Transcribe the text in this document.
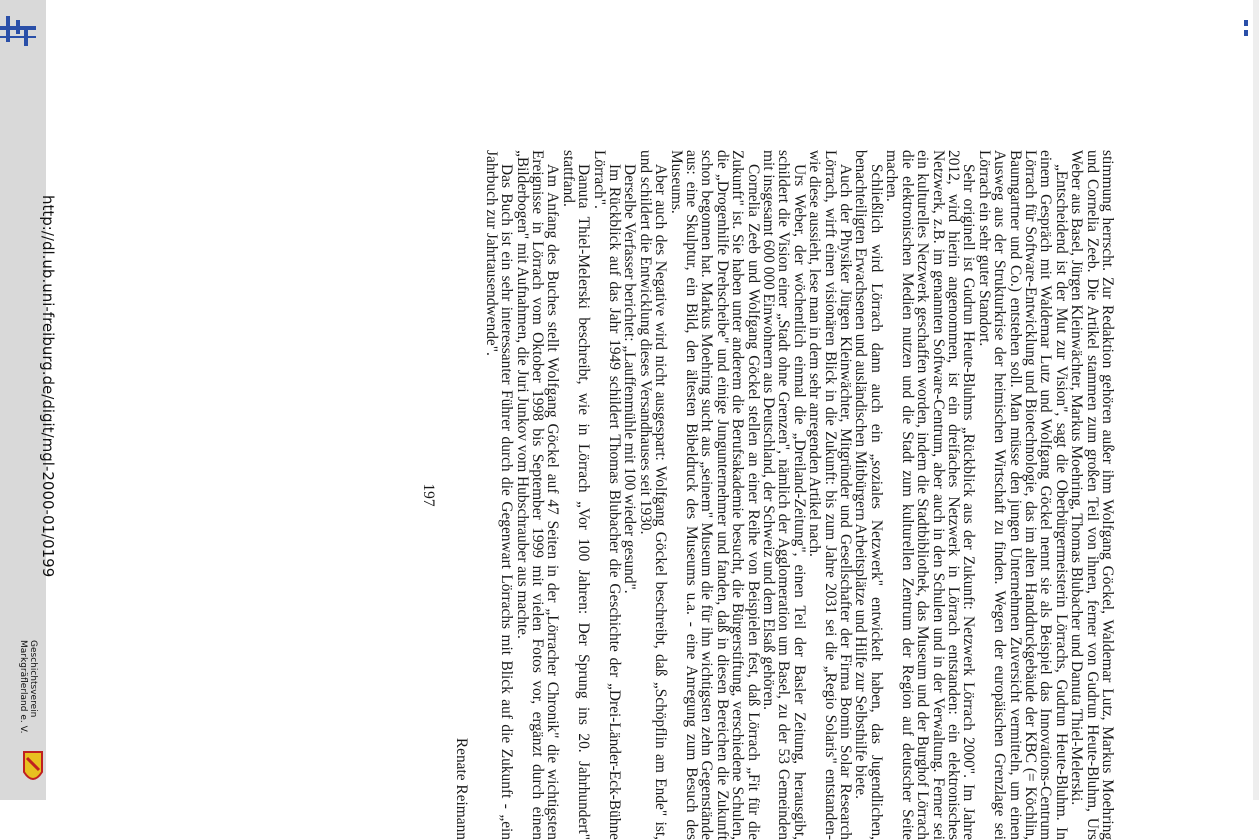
http://dl.ub.uni-freiburg.de/digit/mgl-2000-01/0199
Geschichtsverein
Markgräflerland e. V.	stimmung herrscht. Zur Redaktion gehören außer ihm Wolfgang Göckel, Waldemar Lutz, Markus Moehring und Cornelia Zeeb. Die Artikel stammen zum großen Teil von ihnen, ferner von Gudrun Heute-Bluhm, Urs Weber aus Basel, Jürgen Kleinwächter, Markus Moehring, Thomas Blubacher und Danuta Thiel-Melerski.

„Entscheidend ist der Mut zur Vision", sagt die Oberbürgermeisterin Lörrachs, Gudrun Heute-Bluhm. In einem Gespräch mit Waldemar Lutz und Wolfgang Göckel nennt sie als Beispiel das Innovations-Centrum Lörrach für Software-Entwicklung und Biotechnologie, das im alten Handdruckgebäude der KBC (= Köchlin, Baumgartner und Co.) entstehen soll. Man müsse den jungen Unternehmen Zuversicht vermitteln, um einen Ausweg aus der Strukturkrise der heimischen Wirtschaft zu finden. Wegen der europäischen Grenzlage sei Lörrach ein sehr guter Standort.

Sehr originell ist Gudrun Heute-Bluhms „Rückblick aus der Zukunft: Netzwerk Lörrach 2000". Im Jahre 2012, wird hierin angenommen, ist ein dreifaches Netzwerk in Lörrach entstanden: ein elektronisches Netzwerk, z.B. im genannten Software-Centrum, aber auch in den Schulen und in der Verwaltung. Ferner sei ein kulturelles Netzwerk geschaffen worden, indem die Stadtbibliothek, das Museum und der Burghof Lörrach die elektronischen Medien nutzen und die Stadt zum kulturellen Zentrum der Region auf deutscher Seite machen.

Schließlich wird Lörrach dann auch ein „soziales Netzwerk" entwickelt haben, das Jugendlichen, benachteiligten Erwachsenen und ausländischen Mitbürgern Arbeitsplätze und Hilfe zur Selbsthilfe biete.

Auch der Physiker Jürgen Kleinwächter, Mitgründer und Gesellschafter der Firma Bomin Solar Research Lörrach, wirft einen visionären Blick in die Zukunft: bis zum Jahre 2031 sei die „Regio Solaris" entstanden- wie diese aussieht, lese man in dem sehr anregenden Artikel nach.

Urs Weber, der wöchentlich einmal die „Dreiland-Zeitung", einen Teil der Basler Zeitung, herausgibt, schildert die Vision einer „Stadt ohne Grenzen", nämlich der Agglomeration um Basel, zu der 53 Gemeinden mit insgesamt 600 000 Einwohnern aus Deutschland, der Schweiz und dem Elsaß gehören.

Cornelia Zeeb und Wolfgang Göckel stellen an einer Reihe von Beispielen fest, daß Lörrach „Fit für die Zukunft" ist. Sie haben unter anderem die Berufsakademie besucht, die Bürgerstiftung, verschiedene Schulen, die „Drogenhilfe Drehscheibe" und einige Jungunternehmer und fanden, daß in diesen Bereichen die Zukunft schon begonnen hat. Markus Moehring sucht aus „seinem" Museum die für ihn wichtigsten zehn Gegenstände aus: eine Skulptur, ein Bild, den ältesten Bibeldruck des Museums u.a. - eine Anregung zum Besuch des Museums.

Aber auch des Negative wird nicht ausgespart: Wolfgang Göckel beschreibt, daß „Schöpflin am Ende" ist, und schildert die Entwicklung dieses Versandhauses seit 1930.

Derselbe Verfasser berichtet: „Lauffenmühle mit 100 wieder gesund".

Im Rückblick auf das Jahr 1949 schildert Thomas Blubacher die Geschichte der „Drei-Länder-Eck-Bühne Lörrach".

Danuta Thiel-Melerski beschreibt, wie in Lörrach „Vor 100 Jahren: Der Sprung ins 20. Jahrhundert" stattfand.

Am Anfang des Buches stellt Wolfgang Göckel auf 47 Seiten in der „Lörracher Chronik" die wichtigsten Ereignisse in Lörrach vom Oktober 1998 bis September 1999 mit vielen Fotos vor, ergänzt durch einen „Bilderbogen" mit Aufnahmen, die Juri Junkov vom Hubschrauber aus machte.

Das Buch ist ein sehr interessanter Führer durch die Gegenwart Lörrachs mit Blick auf die Zukunft - „ein Jahrbuch zur Jahrtausendwende".

Renate Reimann
197
